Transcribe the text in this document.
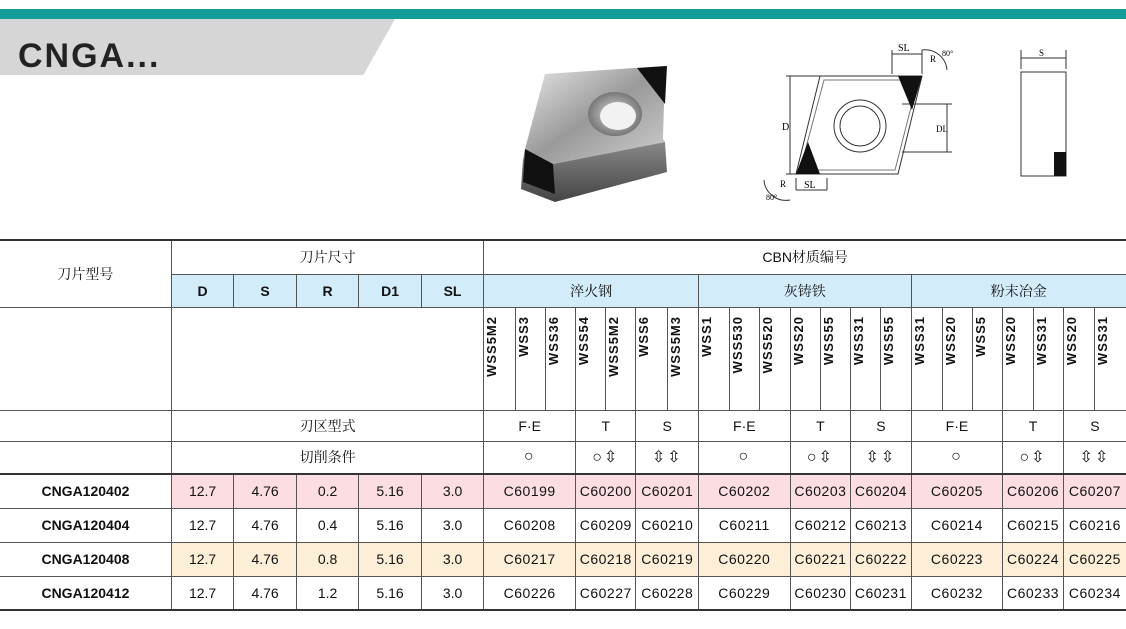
CNGA...	SL
SL
D	DL
R
R
80°
80°
S
刀片型号	刀片尺寸					CBN材质编号																				
	D	S	R	D1	SL	淬火钢							灰铸铁							粉末冶金						

						WSS5M2	WSS3	WSS36	WSS54	WSS5M2	WSS6	WSS5M3	WSS1	WSS530	WSS520	WSS20	WSS55	WSS31	WSS55	WSS31	WSS20	WSS5	WSS20	WSS31	WSS20	WSS31

	刃区型式					F·E			T		S		F·E			T		S		F·E			T		S	
	切削条件					○			○⇳		⇳⇳		○			○⇳		⇳⇳		○			○⇳		⇳⇳	
CNGA120402	12.7	4.76	0.2	5.16	3.0	C60199			C60200		C60201		C60202			C60203		C60204		C60205			C60206		C60207	
CNGA120404	12.7	4.76	0.4	5.16	3.0	C60208			C60209		C60210		C60211			C60212		C60213		C60214			C60215		C60216	
CNGA120408	12.7	4.76	0.8	5.16	3.0	C60217			C60218		C60219		C60220			C60221		C60222		C60223			C60224		C60225	
CNGA120412	12.7	4.76	1.2	5.16	3.0	C60226			C60227		C60228		C60229			C60230		C60231		C60232			C60233		C60234	
